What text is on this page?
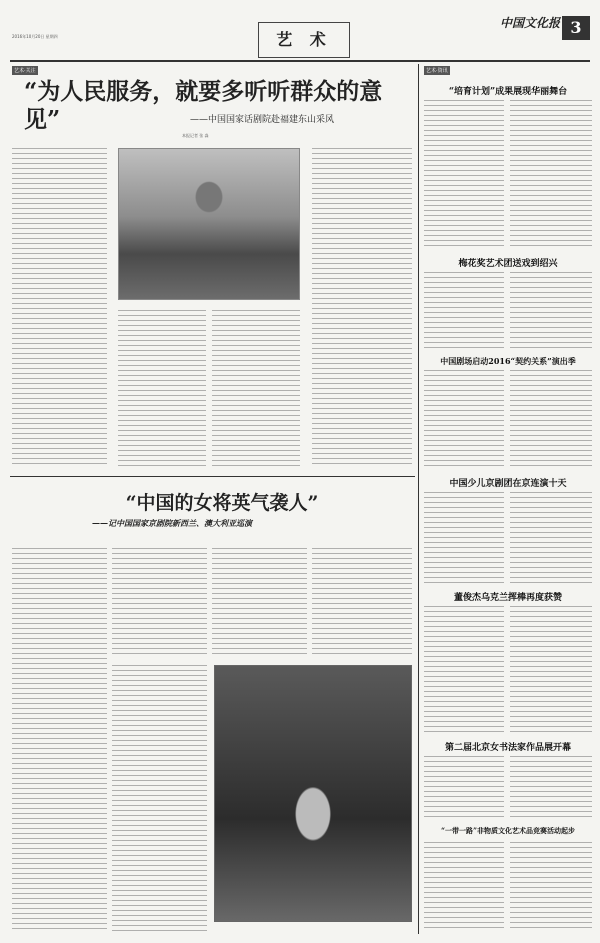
2016年10月20日 星期四	艺 术
中国文化报 3
艺术·关注
“为人民服务，就要多听听群众的意见”	——中国国家话剧院赴福建东山采风
本报记者 张 淼
“中国的女将英气袭人”
——记中国国家京剧院新西兰、澳大利亚巡演
艺术·资讯
“培育计划”成果展现华丽舞台
梅花奖艺术团送戏到绍兴
中国剧场启动2016“契约关系”演出季
中国少儿京剧团在京连演十天
董俊杰乌克兰挥棒再度获赞
第二届北京女书法家作品展开幕
“一带一路”非物质文化艺术品竞赛活动起步
